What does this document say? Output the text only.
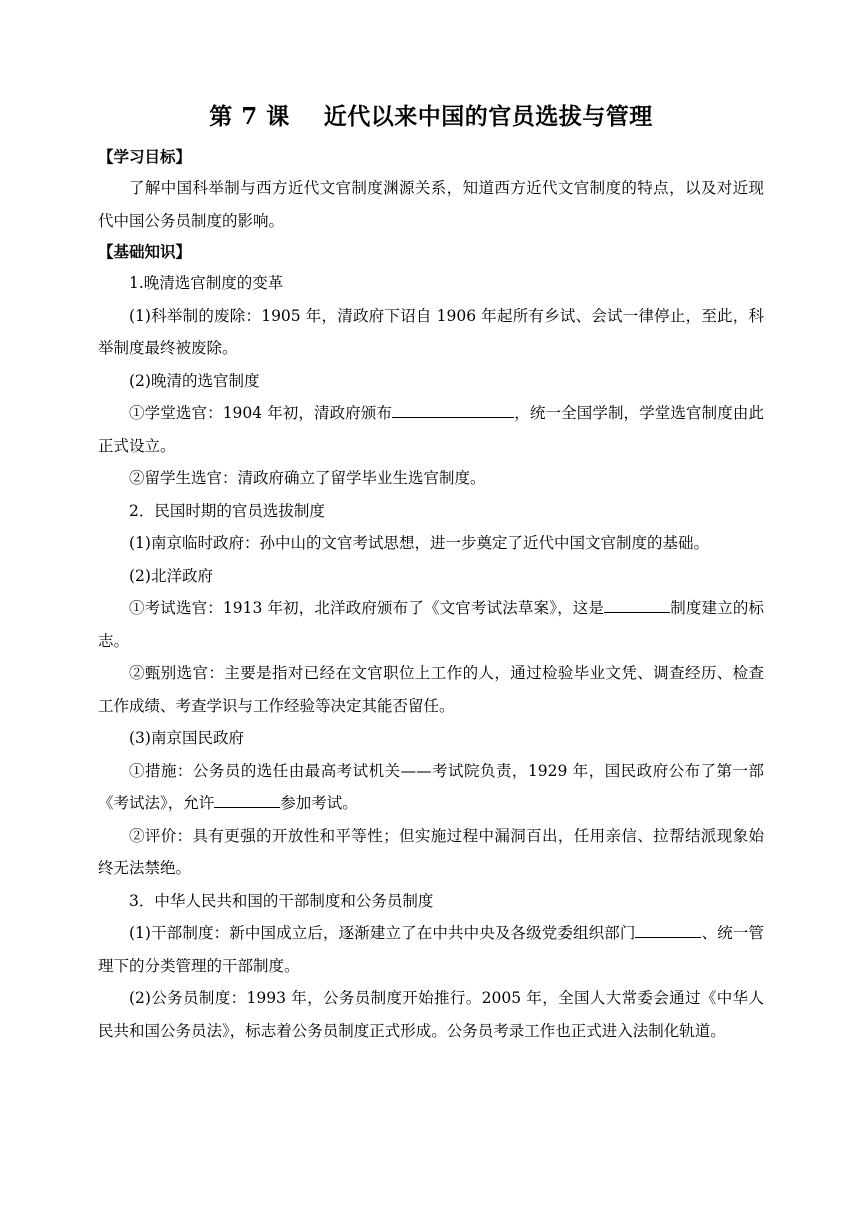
第 7 课    近代以来中国的官员选拔与管理
【学习目标】

了解中国科举制与西方近代文官制度渊源关系，知道西方近代文官制度的特点，以及对近现代中国公务员制度的影响。

【基础知识】

1.晚清选官制度的变革

(1)科举制的废除：1905 年，清政府下诏自 1906 年起所有乡试、会试一律停止，至此，科举制度最终被废除。

(2)晚清的选官制度

①学堂选官：1904 年初，清政府颁布	，统一全国学制，学堂选官制度由此正式设立。

②留学生选官：清政府确立了留学毕业生选官制度。

2．民国时期的官员选拔制度

(1)南京临时政府：孙中山的文官考试思想，进一步奠定了近代中国文官制度的基础。

(2)北洋政府

①考试选官：1913 年初，北洋政府颁布了《文官考试法草案》，这是	制度建立的标志。

②甄别选官：主要是指对已经在文官职位上工作的人，通过检验毕业文凭、调查经历、检查工作成绩、考查学识与工作经验等决定其能否留任。

(3)南京国民政府

①措施：公务员的选任由最高考试机关——考试院负责，1929 年，国民政府公布了第一部《考试法》，允许	参加考试。

②评价：具有更强的开放性和平等性；但实施过程中漏洞百出，任用亲信、拉帮结派现象始终无法禁绝。

3．中华人民共和国的干部制度和公务员制度

(1)干部制度：新中国成立后，逐渐建立了在中共中央及各级党委组织部门	、统一管理下的分类管理的干部制度。

(2)公务员制度：1993 年，公务员制度开始推行。2005 年，全国人大常委会通过《中华人民共和国公务员法》，标志着公务员制度正式形成。公务员考录工作也正式进入法制化轨道。
